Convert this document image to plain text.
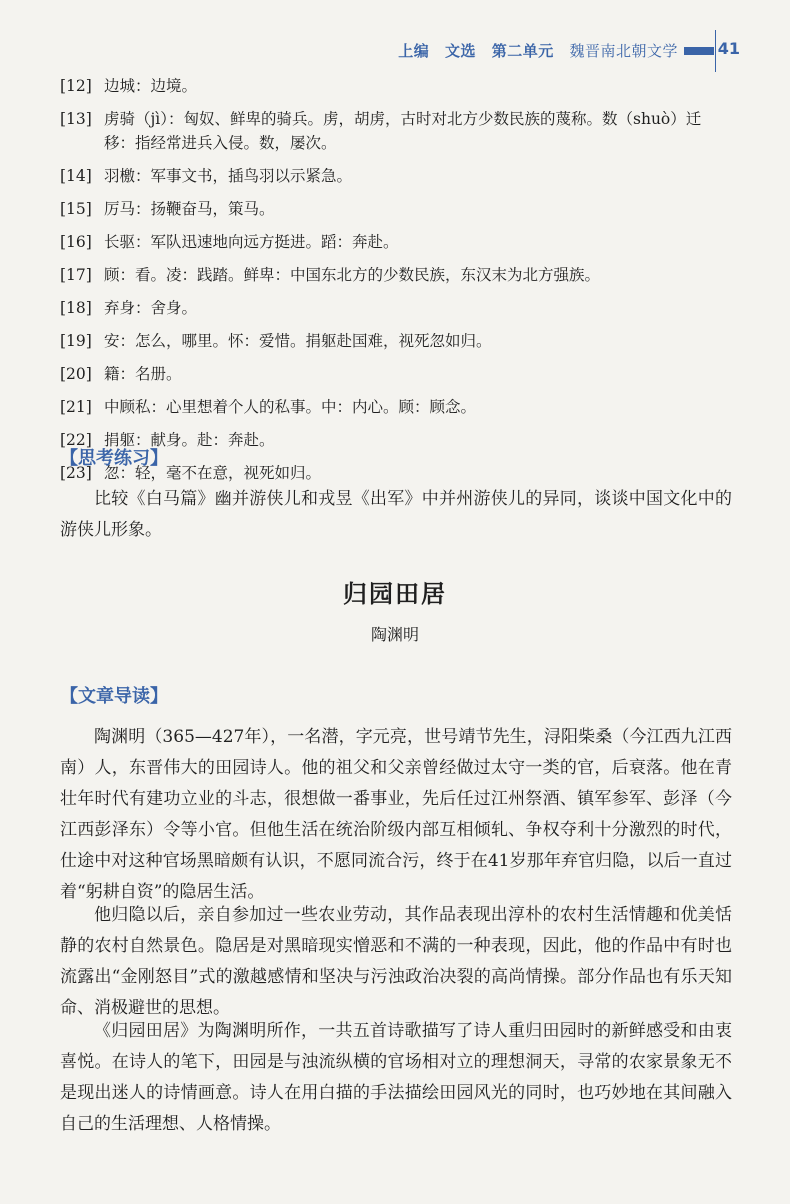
上编 文选 第二单元 魏晋南北朝文学 41
[12] 边城：边境。
[13] 虏骑（jì）：匈奴、鲜卑的骑兵。虏，胡虏，古时对北方少数民族的蔑称。数（shuò）迁移：指经常进兵入侵。数，屡次。
[14] 羽檄：军事文书，插鸟羽以示紧急。
[15] 厉马：扬鞭奋马，策马。
[16] 长驱：军队迅速地向远方挺进。蹈：奔赴。
[17] 顾：看。凌：践踏。鲜卑：中国东北方的少数民族，东汉末为北方强族。
[18] 弃身：舍身。
[19] 安：怎么，哪里。怀：爱惜。捐躯赴国难，视死忽如归。
[20] 籍：名册。
[21] 中顾私：心里想着个人的私事。中：内心。顾：顾念。
[22] 捐躯：献身。赴：奔赴。
[23] 忽：轻，毫不在意，视死如归。
【思考练习】
比较《白马篇》幽并游侠儿和戎昱《出军》中并州游侠儿的异同，谈谈中国文化中的游侠儿形象。
归园田居
陶渊明
【文章导读】
陶渊明（365—427年），一名潜，字元亮，世号靖节先生，浔阳柴桑（今江西九江西南）人，东晋伟大的田园诗人。他的祖父和父亲曾经做过太守一类的官，后衰落。他在青壮年时代有建功立业的斗志，很想做一番事业，先后任过江州祭酒、镇军参军、彭泽（今江西彭泽东）令等小官。但他生活在统治阶级内部互相倾轧、争权夺利十分激烈的时代，仕途中对这种官场黑暗颇有认识，不愿同流合污，终于在41岁那年弃官归隐，以后一直过着“躬耕自资”的隐居生活。
他归隐以后，亲自参加过一些农业劳动，其作品表现出淳朴的农村生活情趣和优美恬静的农村自然景色。隐居是对黑暗现实憎恶和不满的一种表现，因此，他的作品中有时也流露出“金刚怒目”式的激越感情和坚决与污浊政治决裂的高尚情操。部分作品也有乐天知命、消极避世的思想。
《归园田居》为陶渊明所作，一共五首诗歌描写了诗人重归田园时的新鲜感受和由衷喜悦。在诗人的笔下，田园是与浊流纵横的官场相对立的理想洞天，寻常的农家景象无不是现出迷人的诗情画意。诗人在用白描的手法描绘田园风光的同时，也巧妙地在其间融入自己的生活理想、人格情操。
